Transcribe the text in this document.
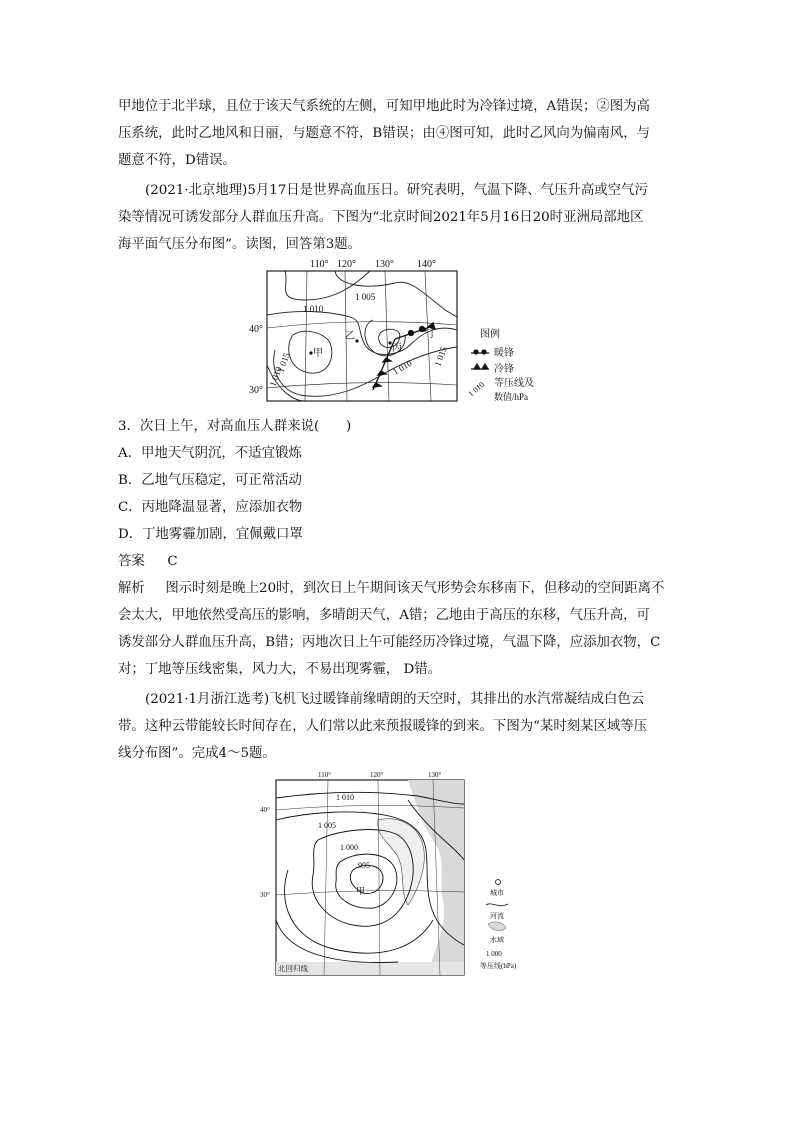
甲地位于北半球，且位于该天气系统的左侧，可知甲地此时为冷锋过境，A错误；②图为高
压系统，此时乙地风和日丽，与题意不符，B错误；由④图可知，此时乙风向为偏南风，与
题意不符，D错误。
(2021·北京地理)5月17日是世界高血压日。研究表明，气温下降、气压升高或空气污
染等情况可诱发部分人群血压升高。下图为“北京时间2021年5月16日20时亚洲局部地区
海平面气压分布图”。读图，回答第3题。
110° 120° 130° 140°
40°
30°
1 005
1 010
1 015
1 010	1 010 1 015
甲
乙
丙
丁	图例
暖锋
冷锋
等压线及
数值/hPa
1 010
3．次日上午，对高血压人群来说(　　)
A．甲地天气阴沉，不适宜锻炼
B．乙地气压稳定，可正常活动
C．丙地降温显著，应添加衣物
D．丁地雾霾加剧，宜佩戴口罩
答案 C
解析 图示时刻是晚上20时，到次日上午期间该天气形势会东移南下，但移动的空间距离不
会太大，甲地依然受高压的影响，多晴朗天气，A错；乙地由于高压的东移，气压升高，可
诱发部分人群血压升高，B错；丙地次日上午可能经历冷锋过境，气温下降，应添加衣物，C
对；丁地等压线密集，风力大，不易出现雾霾， D错。
(2021·1月浙江选考)飞机飞过暖锋前缘晴朗的天空时，其排出的水汽常凝结成白色云
带。这种云带能较长时间存在，人们常以此来预报暖锋的到来。下图为“某时刻某区域等压
线分布图”。完成4～5题。
1 010
1 005
1 000
995
甲
北回归线
110°	120°	130°
40°
30°	城市
河流
水域
1 000
等压线(hPa)
